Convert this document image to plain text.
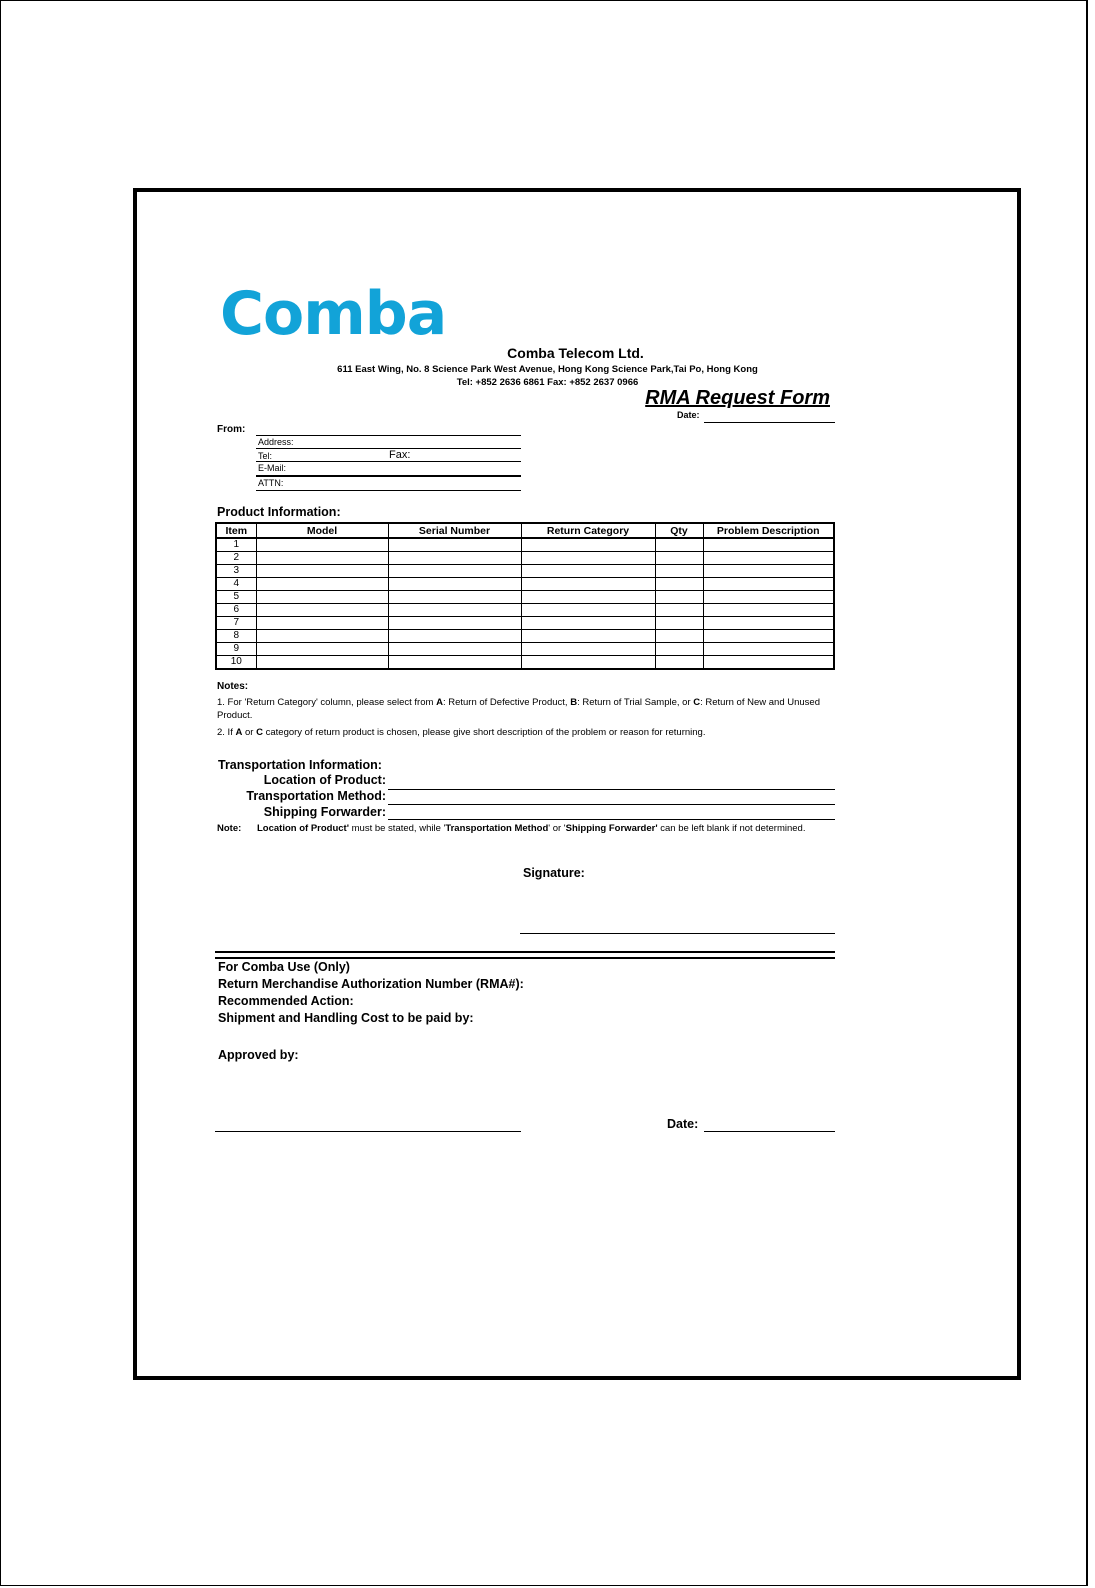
Comba
Comba Telecom Ltd.
611 East Wing, No. 8 Science Park West Avenue, Hong Kong Science Park,Tai Po, Hong Kong
Tel: +852 2636 6861 Fax: +852 2637 0966
RMA Request Form
Date:
From:
Address:
Tel:	Fax:
E-Mail:
ATTN:
Product Information:
Item	Model	Serial Number	Return Category	Qty	Problem Description
1					
2					
3					
4					
5					
6					
7					
8					
9					
10					
Notes:
1. For 'Return Category' column, please select from A: Return of Defective Product, B: Return of Trial Sample, or C: Return of New and Unused Product.
2. If A or C category of return product is chosen, please give short description of the problem or reason for returning.
Transportation Information:
Location of Product:
Transportation Method:
Shipping Forwarder:
Note: Location of Product' must be stated, while 'Transportation Method' or 'Shipping Forwarder' can be left blank if not determined.
Signature:
For Comba Use (Only)
Return Merchandise Authorization Number (RMA#):
Recommended Action:
Shipment and Handling Cost to be paid by:
Approved by:
Date:
